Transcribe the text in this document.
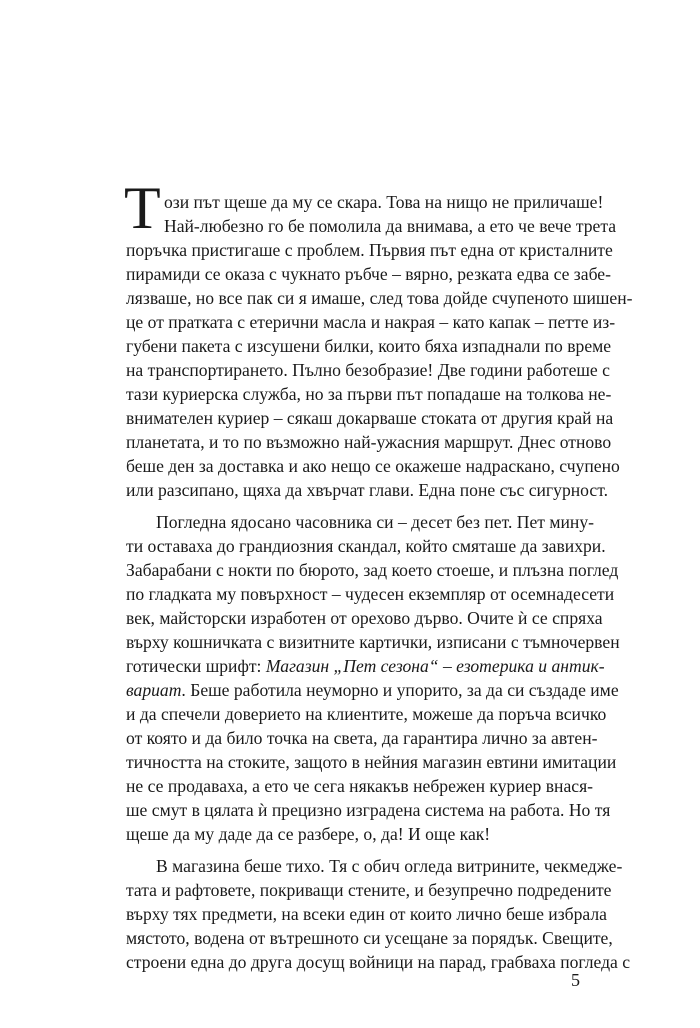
Т ози път щеше да му се скара. Това на нищо не приличаше!
Най-любезно го бе помолила да внимава, а ето че вече трета
поръчка пристигаше с проблем. Първия път една от кристалните
пирамиди се оказа с чукнато ръбче – вярно, резката едва се забе-
лязваше, но все пак си я имаше, след това дойде счупеното шишен-
це от пратката с етерични масла и накрая – като капак – петте из-
губени пакета с изсушени билки, които бяха изпаднали по време
на транспортирането. Пълно безобразие! Две години работеше с
тази куриерска служба, но за първи път попадаше на толкова не-
внимателен куриер – сякаш докарваше стоката от другия край на
планетата, и то по възможно най-ужасния маршрут. Днес отново
беше ден за доставка и ако нещо се окажеше надраскано, счупено
или разсипано, щяха да хвърчат глави. Една поне със сигурност.
Погледна ядосано часовника си – десет без пет. Пет мину-
ти оставаха до грандиозния скандал, който смяташе да завихри.
Забарабани с нокти по бюрото, зад което стоеше, и плъзна поглед
по гладката му повърхност – чудесен екземпляр от осемнадесети
век, майсторски изработен от орехово дърво. Очите ѝ се спряха
върху кошничката с визитните картички, изписани с тъмночервен
готически шрифт: Магазин „Пет сезона“ – езотерика и антик-
вариат. Беше работила неуморно и упорито, за да си създаде име
и да спечели доверието на клиентите, можеше да поръча всичко
от която и да било точка на света, да гарантира лично за автен-
тичността на стоките, защото в нейния магазин евтини имитации
не се продаваха, а ето че сега някакъв небрежен куриер внася-
ше смут в цялата ѝ прецизно изградена система на работа. Но тя
щеше да му даде да се разбере, о, да! И още как!
В магазина беше тихо. Тя с обич огледа витрините, чекмедже-
тата и рафтовете, покриващи стените, и безупречно подредените
върху тях предмети, на всеки един от които лично беше избрала
мястото, водена от вътрешното си усещане за порядък. Свещите,
строени една до друга досущ войници на парад, грабваха погледа с
5
